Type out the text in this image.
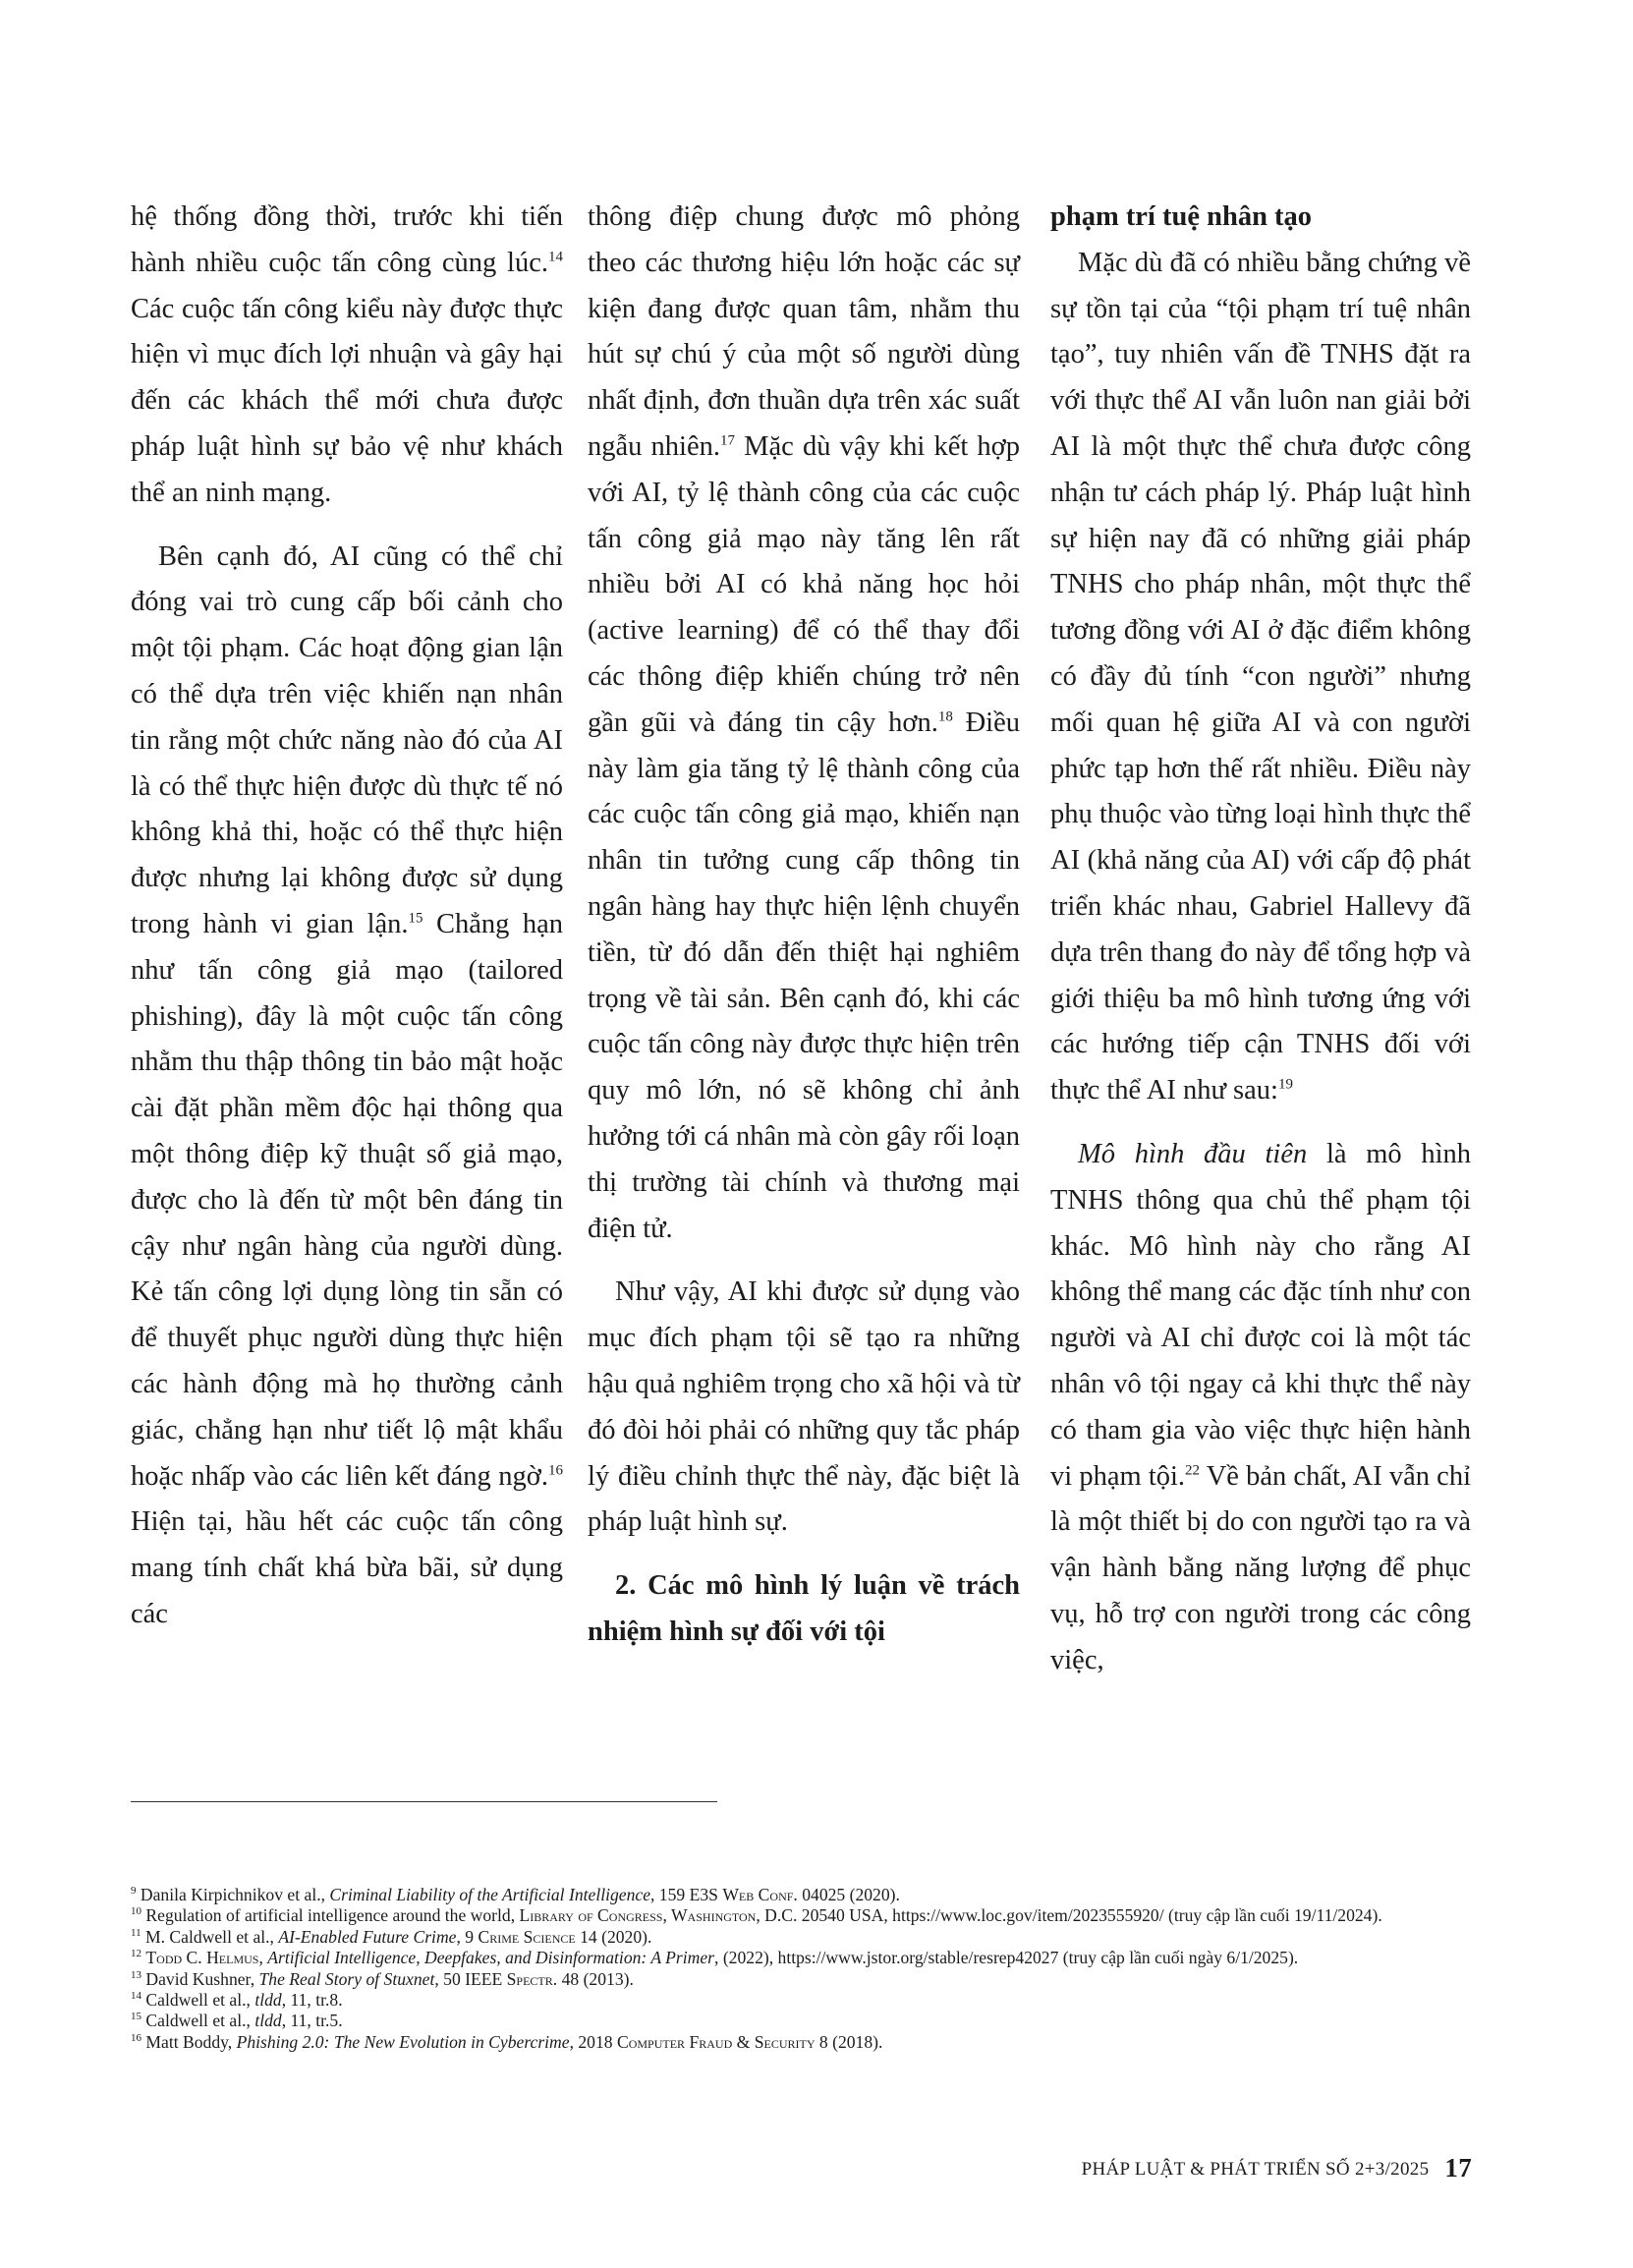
hệ thống đồng thời, trước khi tiến hành nhiều cuộc tấn công cùng lúc.$^{14}$ Các cuộc tấn công kiểu này được thực hiện vì mục đích lợi nhuận và gây hại đến các khách thể mới chưa được pháp luật hình sự bảo vệ như khách thể an ninh mạng.

Bên cạnh đó, AI cũng có thể chỉ đóng vai trò cung cấp bối cảnh cho một tội phạm. Các hoạt động gian lận có thể dựa trên việc khiến nạn nhân tin rằng một chức năng nào đó của AI là có thể thực hiện được dù thực tế nó không khả thi, hoặc có thể thực hiện được nhưng lại không được sử dụng trong hành vi gian lận.$^{15}$ Chẳng hạn như tấn công giả mạo (tailored phishing), đây là một cuộc tấn công nhằm thu thập thông tin bảo mật hoặc cài đặt phần mềm độc hại thông qua một thông điệp kỹ thuật số giả mạo, được cho là đến từ một bên đáng tin cậy như ngân hàng của người dùng. Kẻ tấn công lợi dụng lòng tin sẵn có để thuyết phục người dùng thực hiện các hành động mà họ thường cảnh giác, chẳng hạn như tiết lộ mật khẩu hoặc nhấp vào các liên kết đáng ngờ.$^{16}$ Hiện tại, hầu hết các cuộc tấn công mang tính chất khá bừa bãi, sử dụng các

thông điệp chung được mô phỏng theo các thương hiệu lớn hoặc các sự kiện đang được quan tâm, nhằm thu hút sự chú ý của một số người dùng nhất định, đơn thuần dựa trên xác suất ngẫu nhiên.$^{17}$ Mặc dù vậy khi kết hợp với AI, tỷ lệ thành công của các cuộc tấn công giả mạo này tăng lên rất nhiều bởi AI có khả năng học hỏi (active learning) để có thể thay đổi các thông điệp khiến chúng trở nên gần gũi và đáng tin cậy hơn.$^{18}$ Điều này làm gia tăng tỷ lệ thành công của các cuộc tấn công giả mạo, khiến nạn nhân tin tưởng cung cấp thông tin ngân hàng hay thực hiện lệnh chuyển tiền, từ đó dẫn đến thiệt hại nghiêm trọng về tài sản. Bên cạnh đó, khi các cuộc tấn công này được thực hiện trên quy mô lớn, nó sẽ không chỉ ảnh hưởng tới cá nhân mà còn gây rối loạn thị trường tài chính và thương mại điện tử.

Như vậy, AI khi được sử dụng vào mục đích phạm tội sẽ tạo ra những hậu quả nghiêm trọng cho xã hội và từ đó đòi hỏi phải có những quy tắc pháp lý điều chỉnh thực thể này, đặc biệt là pháp luật hình sự.

2. Các mô hình lý luận về trách nhiệm hình sự đối với tội
phạm trí tuệ nhân tạo

Mặc dù đã có nhiều bằng chứng về sự tồn tại của “tội phạm trí tuệ nhân tạo”, tuy nhiên vấn đề TNHS đặt ra với thực thể AI vẫn luôn nan giải bởi AI là một thực thể chưa được công nhận tư cách pháp lý. Pháp luật hình sự hiện nay đã có những giải pháp TNHS cho pháp nhân, một thực thể tương đồng với AI ở đặc điểm không có đầy đủ tính “con người” nhưng mối quan hệ giữa AI và con người phức tạp hơn thế rất nhiều. Điều này phụ thuộc vào từng loại hình thực thể AI (khả năng của AI) với cấp độ phát triển khác nhau, Gabriel Hallevy đã dựa trên thang đo này để tổng hợp và giới thiệu ba mô hình tương ứng với các hướng tiếp cận TNHS đối với thực thể AI như sau:$^{19}$

Mô hình đầu tiên là mô hình TNHS thông qua chủ thể phạm tội khác. Mô hình này cho rằng AI không thể mang các đặc tính như con người và AI chỉ được coi là một tác nhân vô tội ngay cả khi thực thể này có tham gia vào việc thực hiện hành vi phạm tội.$^{22}$ Về bản chất, AI vẫn chỉ là một thiết bị do con người tạo ra và vận hành bằng năng lượng để phục vụ, hỗ trợ con người trong các công việc,

$^9$ Danila Kirpichnikov et al., Criminal Liability of the Artificial Intelligence, 159 E3S Web Conf. 04025 (2020).

$^{10}$ Regulation of artificial intelligence around the world, Library of Congress, Washington, D.C. 20540 USA, https://www.loc.gov/item/2023555920/ (truy cập lần cuối 19/11/2024).

$^{11}$ M. Caldwell et al., AI-Enabled Future Crime, 9 Crime Science 14 (2020).

$^{12}$ Todd C. Helmus, Artificial Intelligence, Deepfakes, and Disinformation: A Primer, (2022), https://www.jstor.org/stable/resrep42027 (truy cập lần cuối ngày 6/1/2025).

$^{13}$ David Kushner, The Real Story of Stuxnet, 50 IEEE Spectr. 48 (2013).

$^{14}$ Caldwell et al., tldd, 11, tr.8.

$^{15}$ Caldwell et al., tldd, 11, tr.5.

$^{16}$ Matt Boddy, Phishing 2.0: The New Evolution in Cybercrime, 2018 Computer Fraud & Security 8 (2018).

PHÁP LUẬT & PHÁT TRIỂN SỐ 2+3/2025 17
